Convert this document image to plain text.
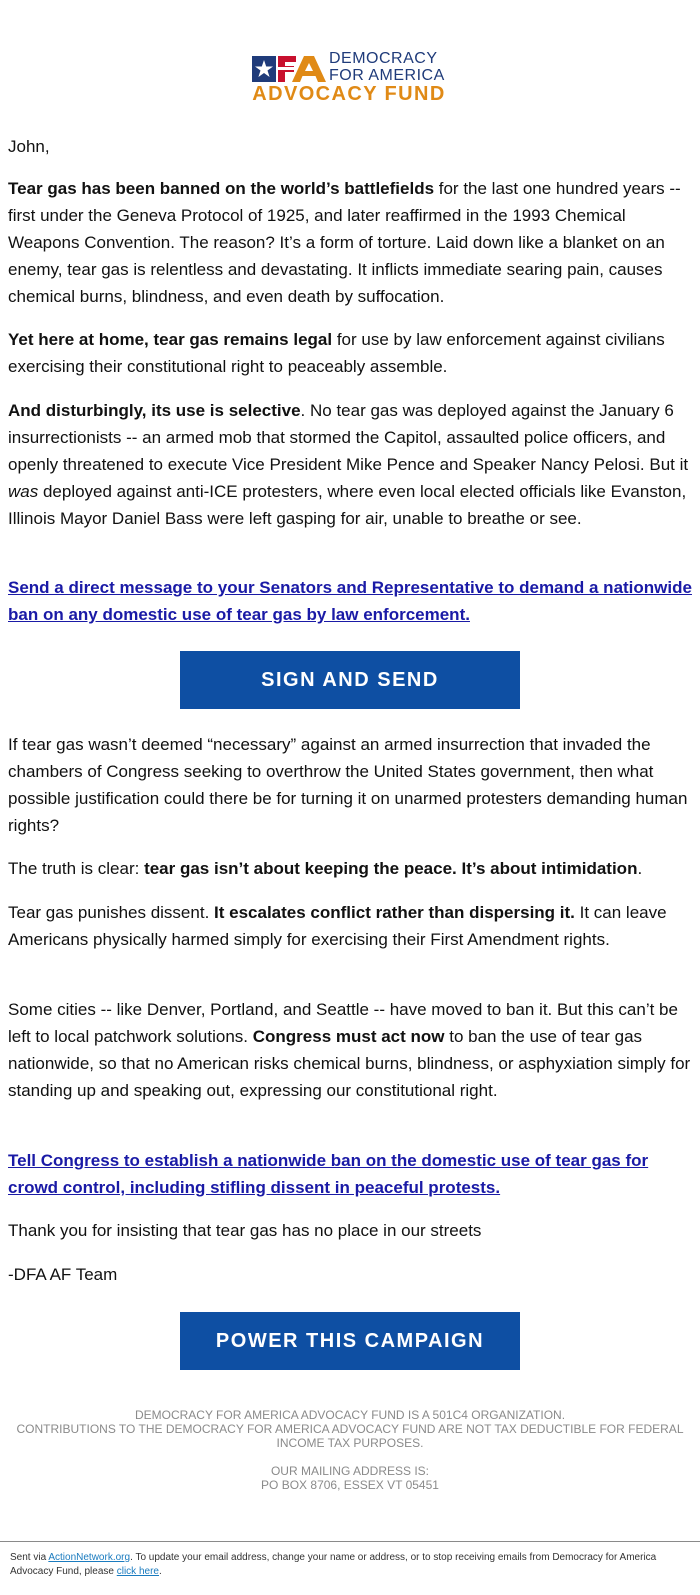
DEMOCRACY
FOR AMERICA
ADVOCACY FUND

John,

Tear gas has been banned on the world’s battlefields for the last one hundred years -- first under the Geneva Protocol of 1925, and later reaffirmed in the 1993 Chemical Weapons Convention. The reason? It’s a form of torture. Laid down like a blanket on an enemy, tear gas is relentless and devastating. It inflicts immediate searing pain, causes chemical burns, blindness, and even death by suffocation.

Yet here at home, tear gas remains legal for use by law enforcement against civilians exercising their constitutional right to peaceably assemble.

And disturbingly, its use is selective. No tear gas was deployed against the January 6 insurrectionists -- an armed mob that stormed the Capitol, assaulted police officers, and openly threatened to execute Vice President Mike Pence and Speaker Nancy Pelosi. But it was deployed against anti-ICE protesters, where even local elected officials like Evanston, Illinois Mayor Daniel Bass were left gasping for air, unable to breathe or see.

Send a direct message to your Senators and Representative to demand a nationwide ban on any domestic use of tear gas by law enforcement.

SIGN AND SEND

If tear gas wasn’t deemed “necessary” against an armed insurrection that invaded the chambers of Congress seeking to overthrow the United States government, then what possible justification could there be for turning it on unarmed protesters demanding human rights?

The truth is clear: tear gas isn’t about keeping the peace. It’s about intimidation.

Tear gas punishes dissent. It escalates conflict rather than dispersing it. It can leave Americans physically harmed simply for exercising their First Amendment rights.

Some cities -- like Denver, Portland, and Seattle -- have moved to ban it. But this can’t be left to local patchwork solutions. Congress must act now to ban the use of tear gas nationwide, so that no American risks chemical burns, blindness, or asphyxiation simply for standing up and speaking out, expressing our constitutional right.

Tell Congress to establish a nationwide ban on the domestic use of tear gas for crowd control, including stifling dissent in peaceful protests.

Thank you for insisting that tear gas has no place in our streets

-DFA AF Team

POWER THIS CAMPAIGN
DEMOCRACY FOR AMERICA ADVOCACY FUND IS A 501C4 ORGANIZATION.
CONTRIBUTIONS TO THE DEMOCRACY FOR AMERICA ADVOCACY FUND ARE NOT TAX DEDUCTIBLE FOR FEDERAL INCOME TAX PURPOSES.
OUR MAILING ADDRESS IS:
PO BOX 8706, ESSEX VT 05451
Sent via ActionNetwork.org. To update your email address, change your name or address, or to stop receiving emails from Democracy for America Advocacy Fund, please click here.
